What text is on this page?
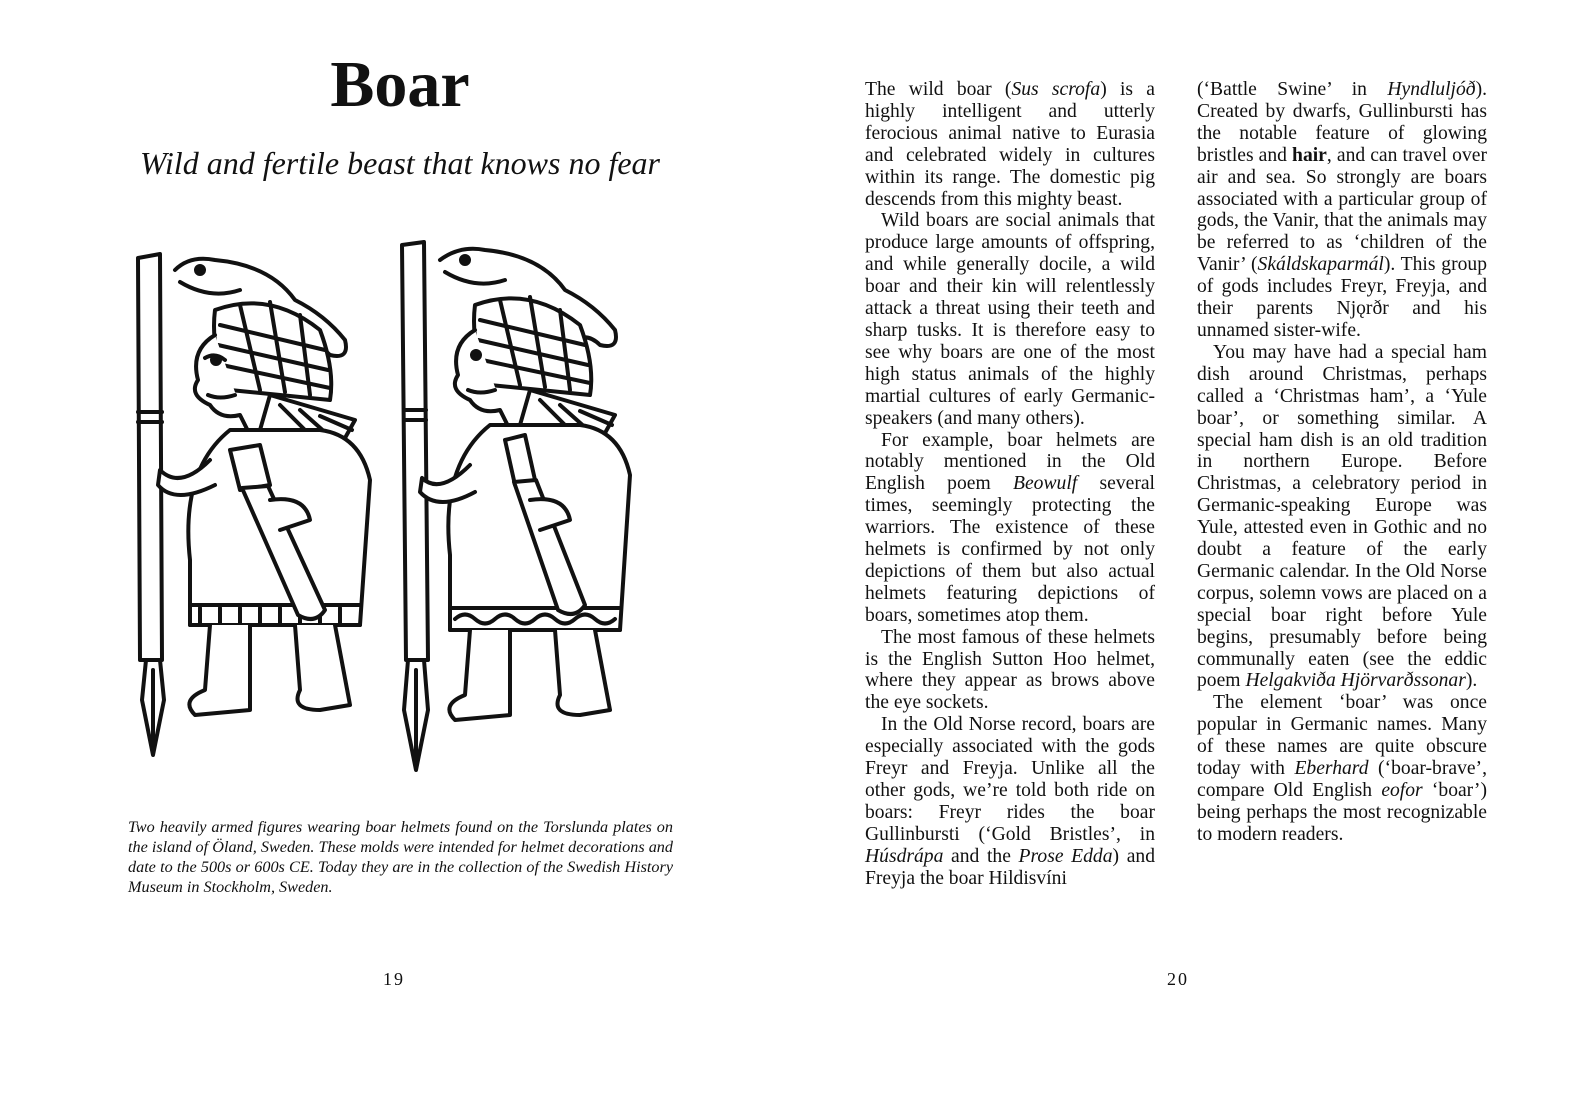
Boar
Wild and fertile beast that knows no fear

Two heavily armed figures wearing boar helmets found on the Torslunda plates on the island of Öland, Sweden. These molds were intended for helmet decorations and date to the 500s or 600s CE. Today they are in the collection of the Swedish History Museum in Stockholm, Sweden.

19

The wild boar (Sus scrofa) is a highly intelligent and utterly ferocious animal native to Eurasia and celebrated widely in cultures within its range. The domestic pig descends from this mighty beast.

Wild boars are social animals that produce large amounts of offspring, and while generally docile, a wild boar and their kin will relentlessly attack a threat using their teeth and sharp tusks. It is therefore easy to see why boars are one of the most high status animals of the highly martial cultures of early Germanic-speakers (and many others).

For example, boar helmets are notably mentioned in the Old English poem Beowulf several times, seemingly protecting the warriors. The existence of these helmets is confirmed by not only depictions of them but also actual helmets featuring depictions of boars, sometimes atop them.

The most famous of these helmets is the English Sutton Hoo helmet, where they appear as brows above the eye sockets.

In the Old Norse record, boars are especially associated with the gods Freyr and Freyja. Unlike all the other gods, we’re told both ride on boars: Freyr rides the boar Gullinbursti (‘Gold Bristles’, in Húsdrápa and the Prose Edda) and Freyja the boar Hildisvíni

(‘Battle Swine’ in Hyndluljóð). Created by dwarfs, Gullinbursti has the notable feature of glowing bristles and hair, and can travel over air and sea. So strongly are boars associated with a particular group of gods, the Vanir, that the animals may be referred to as ‘children of the Vanir’ (Skáldskaparmál). This group of gods includes Freyr, Freyja, and their parents Njǫrðr and his unnamed sister-wife.

You may have had a special ham dish around Christmas, perhaps called a ‘Christmas ham’, a ‘Yule boar’, or something similar. A special ham dish is an old tradition in northern Europe. Before Christmas, a celebratory period in Germanic-speaking Europe was Yule, attested even in Gothic and no doubt a feature of the early Germanic calendar. In the Old Norse corpus, solemn vows are placed on a special boar right before Yule begins, presumably before being communally eaten (see the eddic poem Helgakviða Hjörvarðssonar).

The element ‘boar’ was once popular in Germanic names. Many of these names are quite obscure today with Eberhard (‘boar-brave’, compare Old English eofor ‘boar’) being perhaps the most recognizable to modern readers.

20
